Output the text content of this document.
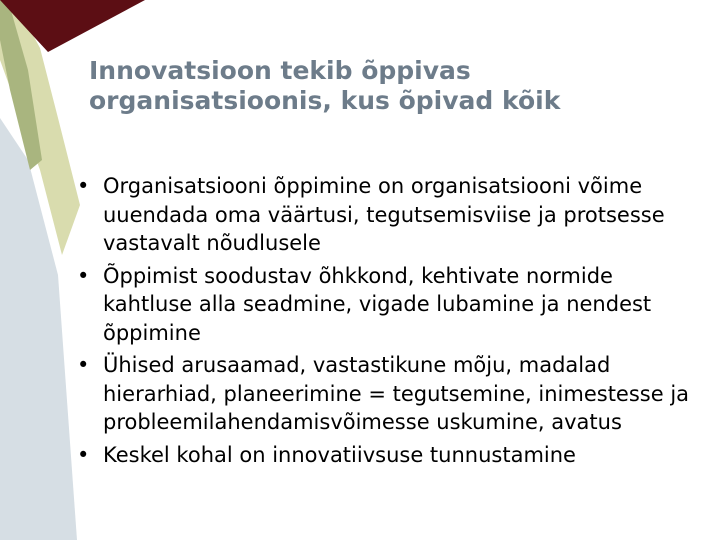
Innovatsioon tekib õppivas
organisatsioonis, kus õpivad kõik
• Organisatsiooni õppimine on organisatsiooni võime uuendada oma väärtusi, tegutsemisviise ja protsesse vastavalt nõudlusele
• Õppimist soodustav õhkkond, kehtivate normide kahtluse alla seadmine, vigade lubamine ja nendest õppimine
• Ühised arusaamad, vastastikune mõju, madalad hierarhiad, planeerimine = tegutsemine, inimestesse ja probleemilahendamisvõimesse uskumine, avatus
• Keskel kohal on innovatiivsuse tunnustamine
